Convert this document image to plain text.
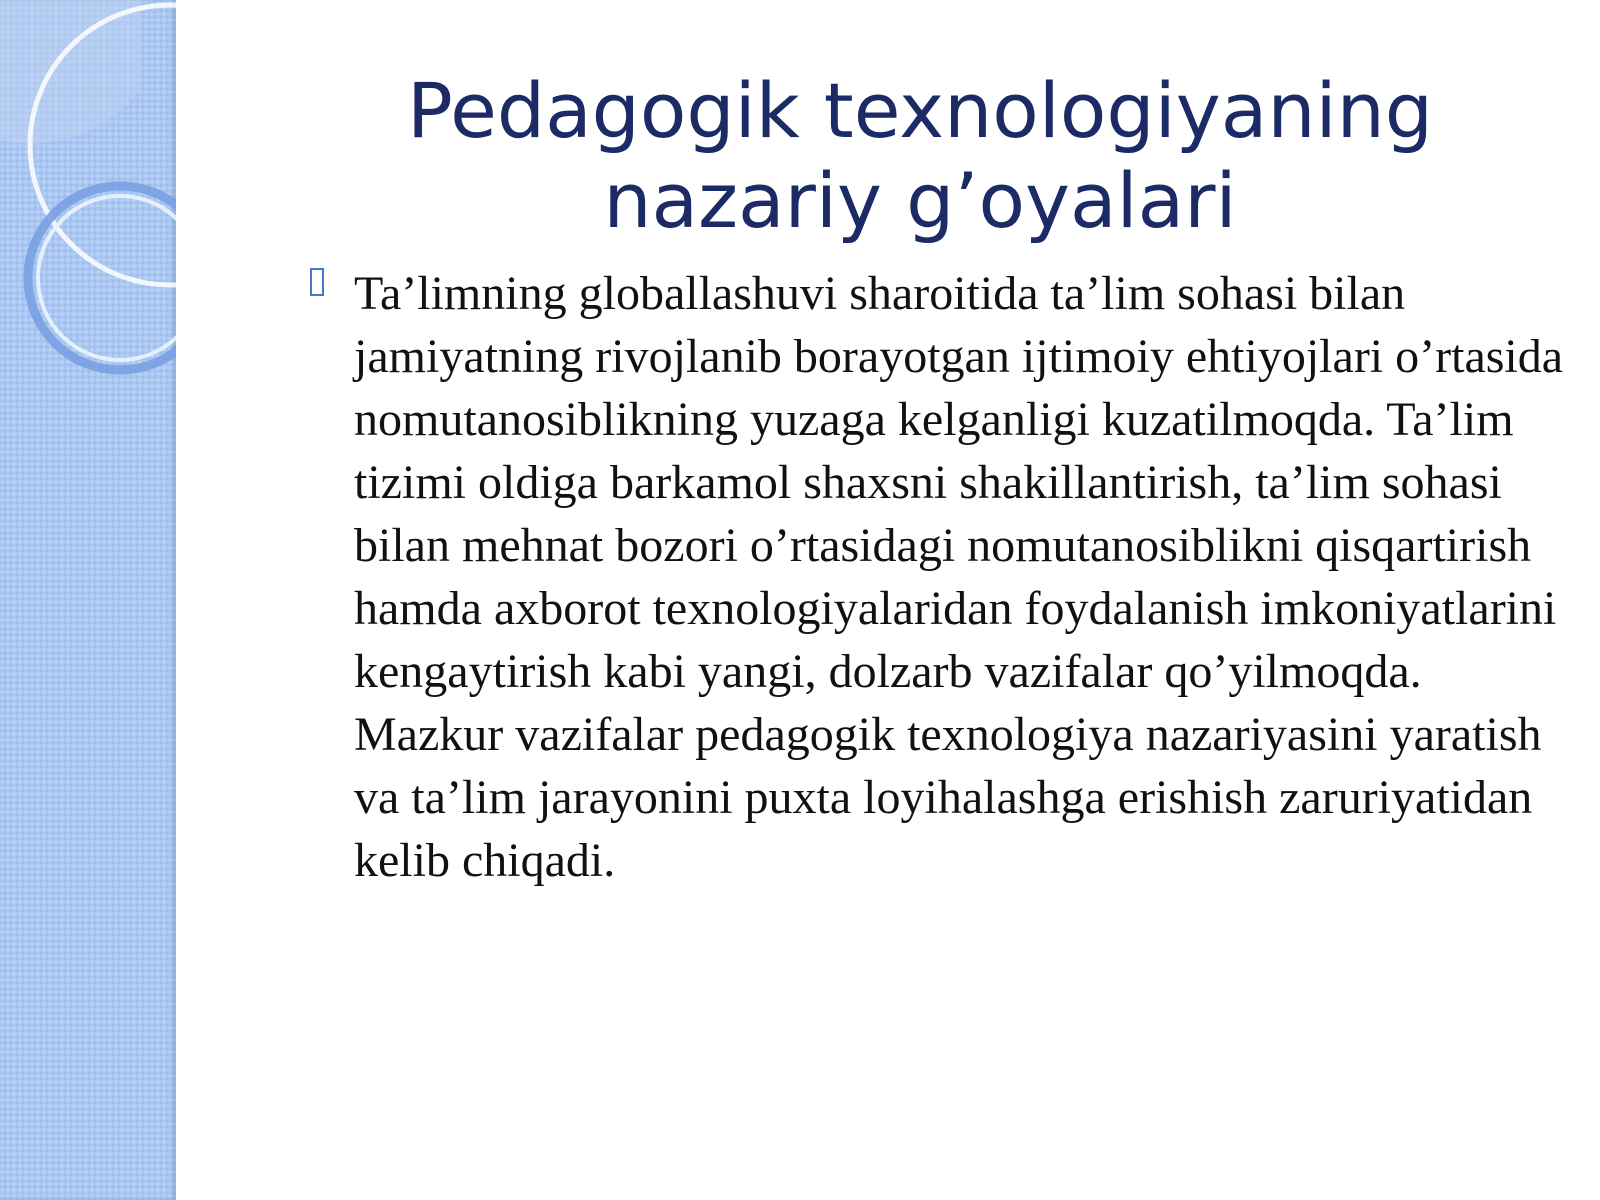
Pedagogik texnologiyaning
nazariy g’oyalari
Ta’limning globallashuvi sharoitida ta’lim sohasi bilan jamiyatning rivojlanib borayotgan ijtimoiy ehtiyojlari o’rtasida nomutanosiblikning yuzaga kelganligi kuzatilmoqda. Ta’lim tizimi oldiga barkamol shaxsni shakillantirish, ta’lim sohasi bilan mehnat bozori o’rtasidagi nomutanosiblikni qisqartirish hamda axborot texnologiyalaridan foydalanish imkoniyatlarini kengaytirish kabi yangi, dolzarb vazifalar qo’yilmoqda. Mazkur vazifalar pedagogik texnologiya nazariyasini yaratish va ta’lim jarayonini puxta loyihalashga erishish zaruriyatidan kelib chiqadi.
